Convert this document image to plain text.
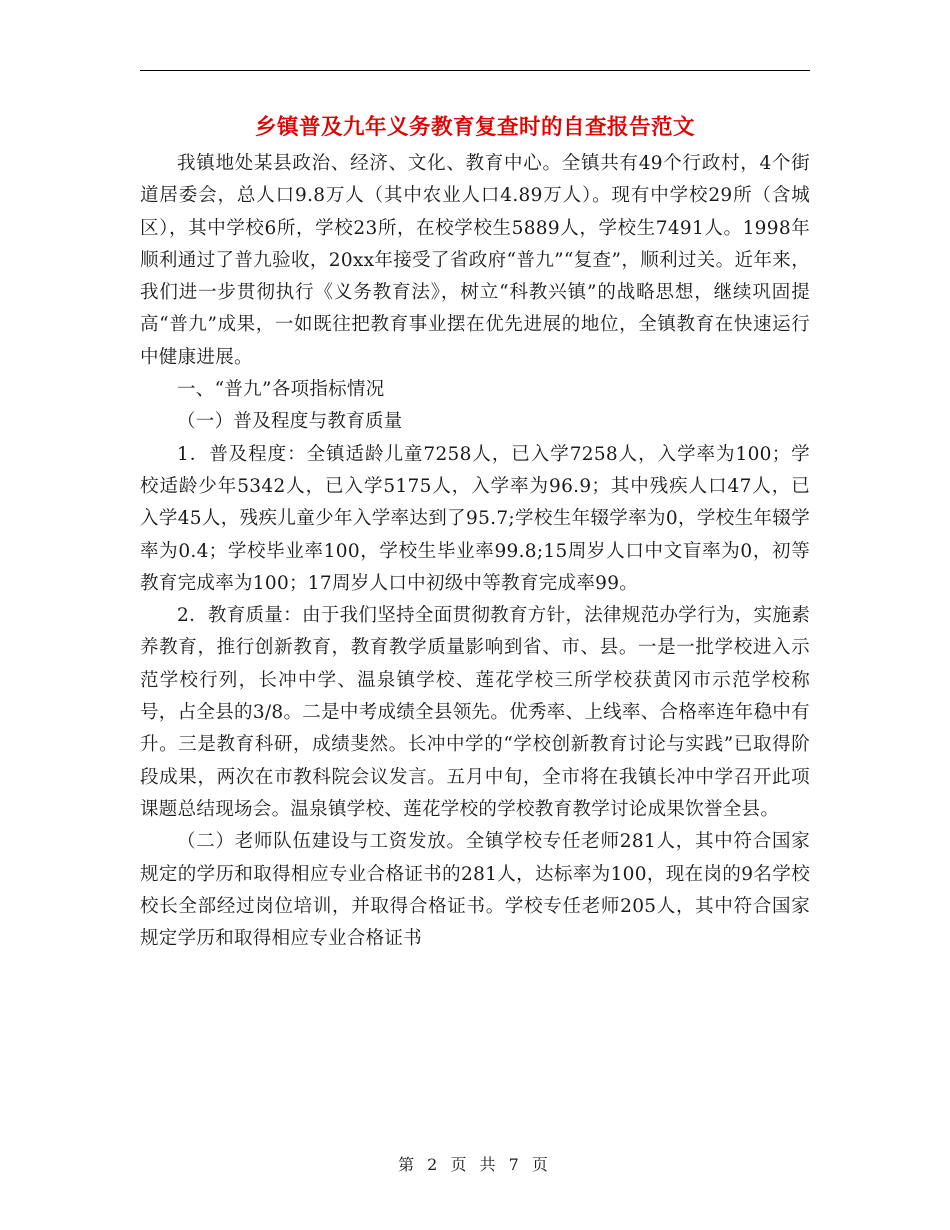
乡镇普及九年义务教育复查时的自查报告范文

我镇地处某县政治、经济、文化、教育中心。全镇共有49个行政村，4个街道居委会，总人口9.8万人（其中农业人口4.89万人）。现有中学校29所（含城区），其中学校6所，学校23所，在校学校生5889人，学校生7491人。1998年顺利通过了普九验收，20xx年接受了省政府“普九”“复查”，顺利过关。近年来，我们进一步贯彻执行《义务教育法》，树立“科教兴镇”的战略思想，继续巩固提高“普九”成果，一如既往把教育事业摆在优先进展的地位，全镇教育在快速运行中健康进展。

一、“普九”各项指标情况

（一）普及程度与教育质量

1．普及程度：全镇适龄儿童7258人，已入学7258人，入学率为100；学校适龄少年5342人，已入学5175人，入学率为96.9；其中残疾人口47人，已入学45人，残疾儿童少年入学率达到了95.7;学校生年辍学率为0，学校生年辍学率为0.4；学校毕业率100，学校生毕业率99.8;15周岁人口中文盲率为0，初等教育完成率为100；17周岁人口中初级中等教育完成率99。

2．教育质量：由于我们坚持全面贯彻教育方针，法律规范办学行为，实施素养教育，推行创新教育，教育教学质量影响到省、市、县。一是一批学校进入示范学校行列，长冲中学、温泉镇学校、莲花学校三所学校获黄冈市示范学校称号，占全县的3/8。二是中考成绩全县领先。优秀率、上线率、合格率连年稳中有升。三是教育科研，成绩斐然。长冲中学的“学校创新教育讨论与实践”已取得阶段成果，两次在市教科院会议发言。五月中旬，全市将在我镇长冲中学召开此项课题总结现场会。温泉镇学校、莲花学校的学校教育教学讨论成果饮誉全县。

（二）老师队伍建设与工资发放。全镇学校专任老师281人，其中符合国家规定的学历和取得相应专业合格证书的281人，达标率为100，现在岗的9名学校校长全部经过岗位培训，并取得合格证书。学校专任老师205人，其中符合国家规定学历和取得相应专业合格证书

第 2 页 共 7 页
